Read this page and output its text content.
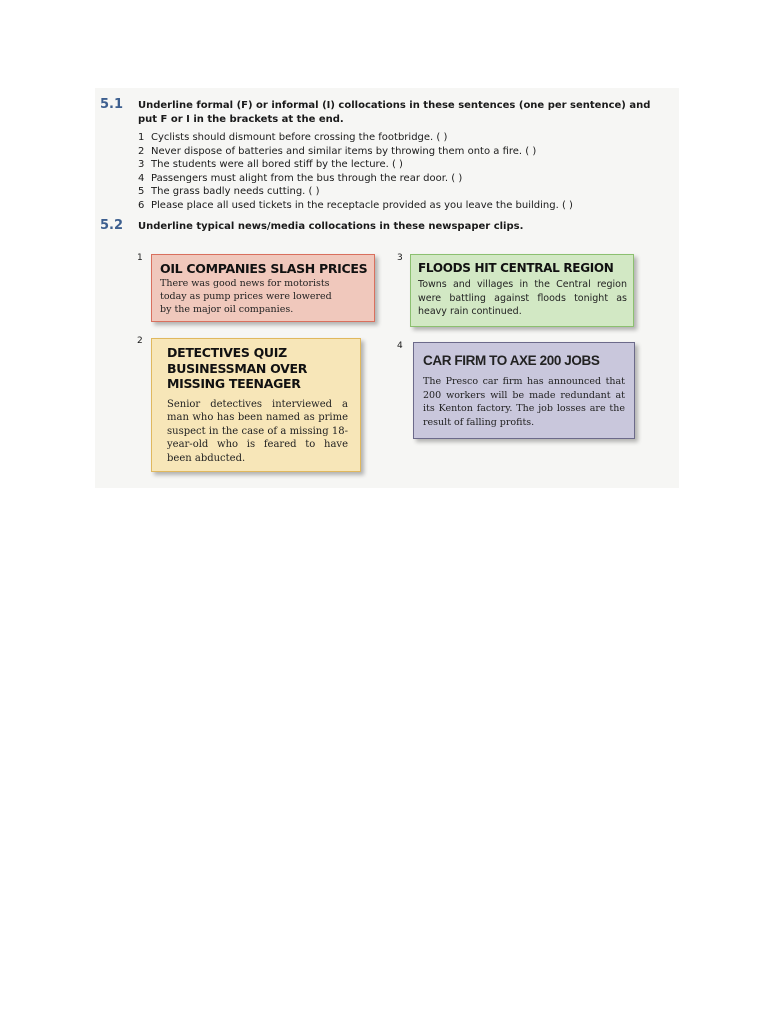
5.1 Underline formal (F) or informal (I) collocations in these sentences (one per sentence) and put F or I in the brackets at the end.
1 Cyclists should dismount before crossing the footbridge. ( )
2 Never dispose of batteries and similar items by throwing them onto a fire. ( )
3 The students were all bored stiff by the lecture. ( )
4 Passengers must alight from the bus through the rear door. ( )
5 The grass badly needs cutting. ( )
6 Please place all used tickets in the receptacle provided as you leave the building. ( )
5.2 Underline typical news/media collocations in these newspaper clips.
1
OIL COMPANIES SLASH PRICES
There was good news for motorists today as pump prices were lowered by the major oil companies.
2
DETECTIVES QUIZ BUSINESSMAN OVER MISSING TEENAGER
Senior detectives interviewed a man who has been named as prime suspect in the case of a missing 18-year-old who is feared to have been abducted.
3
FLOODS HIT CENTRAL REGION
Towns and villages in the Central region were battling against floods tonight as heavy rain continued.
4
CAR FIRM TO AXE 200 JOBS
The Presco car firm has announced that 200 workers will be made redundant at its Kenton factory. The job losses are the result of falling profits.
